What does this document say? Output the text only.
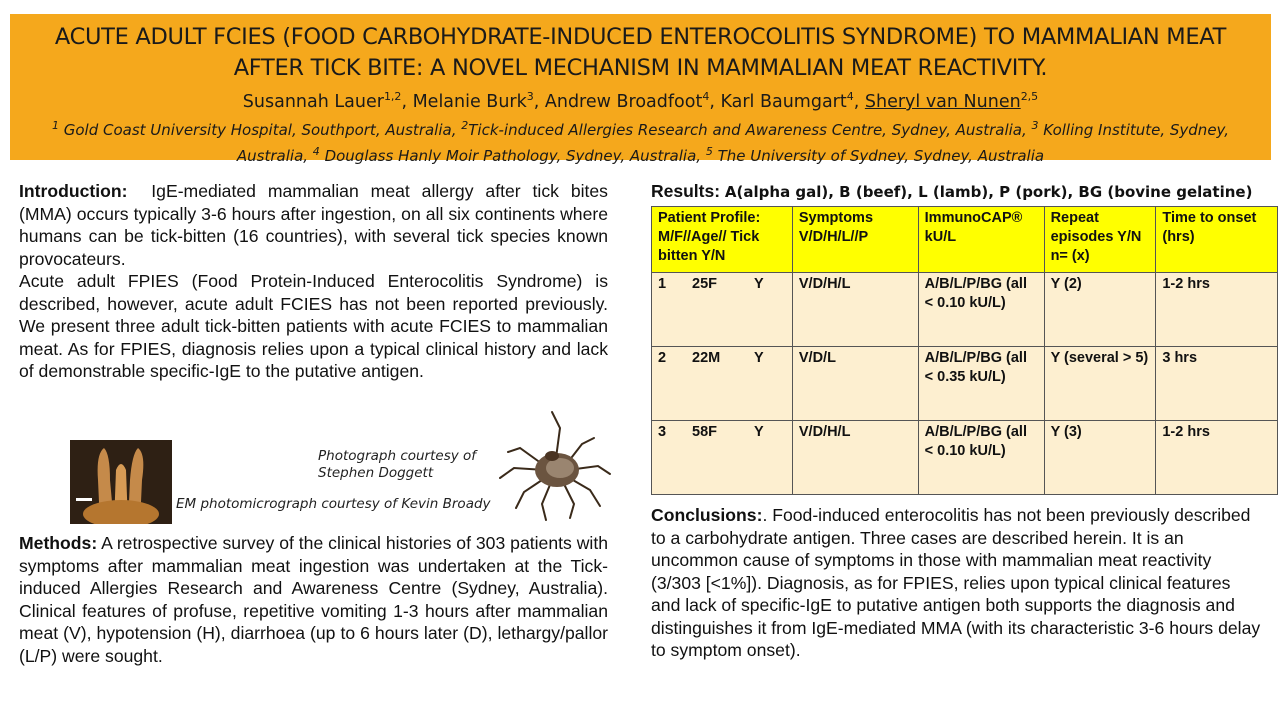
ACUTE ADULT FCIES (FOOD CARBOHYDRATE-INDUCED ENTEROCOLITIS SYNDROME) TO MAMMALIAN MEAT
AFTER TICK BITE: A NOVEL MECHANISM IN MAMMALIAN MEAT REACTIVITY.
Susannah Lauer$^{1,2}$, Melanie Burk$^3$, Andrew Broadfoot$^4$, Karl Baumgart$^4$, Sheryl van Nunen$^{2,5}$
$^1$ Gold Coast University Hospital, Southport, Australia, $^2$Tick-induced Allergies Research and Awareness Centre, Sydney, Australia, $^3$ Kolling Institute, Sydney, Australia, $^4$ Douglass Hanly Moir Pathology, Sydney, Australia, $^5$ The University of Sydney, Sydney, Australia
Introduction: IgE-mediated mammalian meat allergy after tick bites (MMA) occurs typically 3-6 hours after ingestion, on all six continents where humans can be tick-bitten (16 countries), with several tick species known provocateurs.
Acute adult FPIES (Food Protein-Induced Enterocolitis Syndrome) is described, however, acute adult FCIES has not been reported previously. We present three adult tick-bitten patients with acute FCIES to mammalian meat. As for FPIES, diagnosis relies upon a typical clinical history and lack of demonstrable specific-IgE to the putative antigen.
Photograph courtesy of Stephen Doggett
EM photomicrograph courtesy of Kevin Broady
Methods: A retrospective survey of the clinical histories of 303 patients with symptoms after mammalian meat ingestion was undertaken at the Tick-induced Allergies Research and Awareness Centre (Sydney, Australia). Clinical features of profuse, repetitive vomiting 1-3 hours after mammalian meat (V), hypotension (H), diarrhoea (up to 6 hours later (D), lethargy/pallor (L/P) were sought.
Results: A(alpha gal), B (beef), L (lamb), P (pork), BG (bovine gelatine)
Patient Profile: M/F//Age// Tick bitten Y/N	Symptoms V/D/H/L//P	ImmunoCAP® kU/L	Repeat episodes Y/N n= (x)	Time to onset (hrs)

1 25F Y	V/D/H/L	A/B/L/P/BG (all < 0.10 kU/L)	Y (2)	1-2 hrs

2 22M Y	V/D/L	A/B/L/P/BG (all < 0.35 kU/L)	Y (several > 5)	3 hrs

3 58F Y	V/D/H/L	A/B/L/P/BG (all < 0.10 kU/L)	Y (3)	1-2 hrs
Conclusions:. Food-induced enterocolitis has not been previously described to a carbohydrate antigen. Three cases are described herein. It is an uncommon cause of symptoms in those with mammalian meat reactivity (3/303 [<1%]). Diagnosis, as for FPIES, relies upon typical clinical features and lack of specific-IgE to putative antigen both supports the diagnosis and distinguishes it from IgE-mediated MMA (with its characteristic 3-6 hours delay to symptom onset).
